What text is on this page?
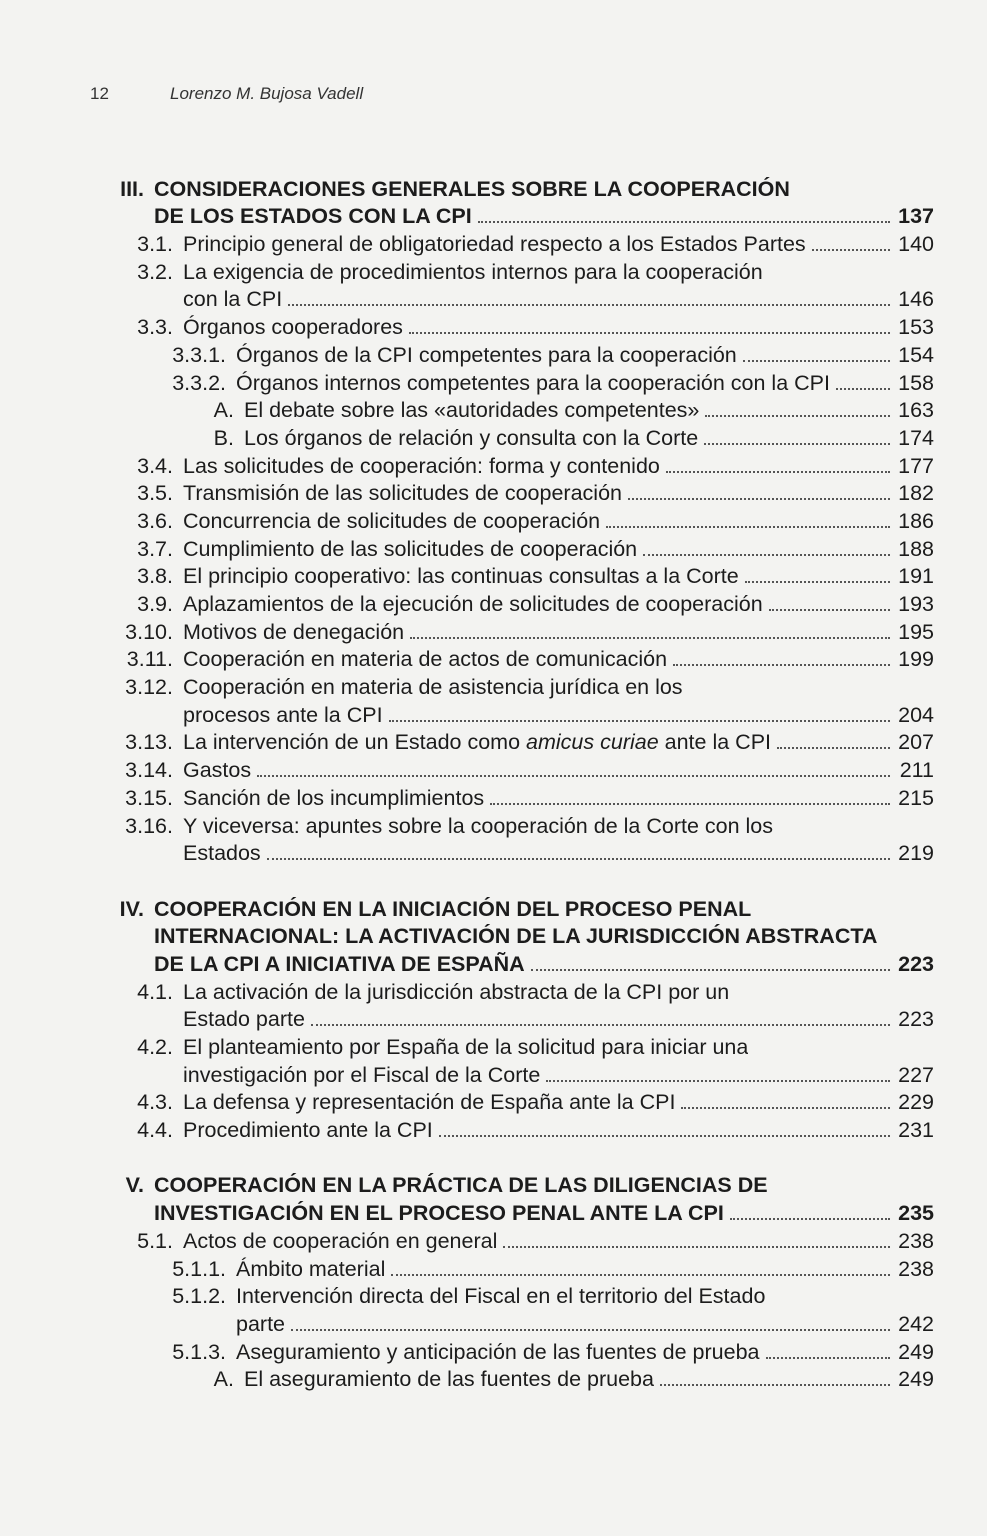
12	Lorenzo M. Bujosa Vadell
III. CONSIDERACIONES GENERALES SOBRE LA COOPERACIÓN
DE LOS ESTADOS CON LA CPI	137
3.1. Principio general de obligatoriedad respecto a los Estados Partes	140
3.2. La exigencia de procedimientos internos para la cooperación
con la CPI	146
3.3. Órganos cooperadores	153
3.3.1. Órganos de la CPI competentes para la cooperación	154
3.3.2. Órganos internos competentes para la cooperación con la CPI	158
A. El debate sobre las «autoridades competentes»	163
B. Los órganos de relación y consulta con la Corte	174
3.4. Las solicitudes de cooperación: forma y contenido	177
3.5. Transmisión de las solicitudes de cooperación	182
3.6. Concurrencia de solicitudes de cooperación	186
3.7. Cumplimiento de las solicitudes de cooperación	188
3.8. El principio cooperativo: las continuas consultas a la Corte	191
3.9. Aplazamientos de la ejecución de solicitudes de cooperación	193
3.10. Motivos de denegación	195
3.11. Cooperación en materia de actos de comunicación	199
3.12. Cooperación en materia de asistencia jurídica en los
procesos ante la CPI	204
3.13. La intervención de un Estado como amicus curiae ante la CPI	207
3.14. Gastos	211
3.15. Sanción de los incumplimientos	215
3.16. Y viceversa: apuntes sobre la cooperación de la Corte con los
Estados	219
IV. COOPERACIÓN EN LA INICIACIÓN DEL PROCESO PENAL
INTERNACIONAL: LA ACTIVACIÓN DE LA JURISDICCIÓN ABSTRACTA
DE LA CPI A INICIATIVA DE ESPAÑA	223
4.1. La activación de la jurisdicción abstracta de la CPI por un
Estado parte	223
4.2. El planteamiento por España de la solicitud para iniciar una
investigación por el Fiscal de la Corte	227
4.3. La defensa y representación de España ante la CPI	229
4.4. Procedimiento ante la CPI	231
V. COOPERACIÓN EN LA PRÁCTICA DE LAS DILIGENCIAS DE
INVESTIGACIÓN EN EL PROCESO PENAL ANTE LA CPI	235
5.1. Actos de cooperación en general	238
5.1.1. Ámbito material	238
5.1.2. Intervención directa del Fiscal en el territorio del Estado
parte	242
5.1.3. Aseguramiento y anticipación de las fuentes de prueba	249
A. El aseguramiento de las fuentes de prueba	249
